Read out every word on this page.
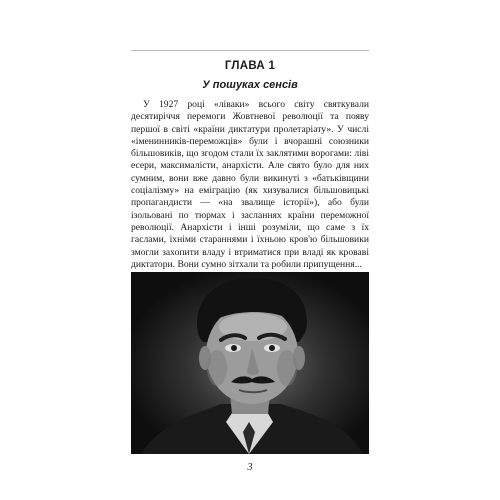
ГЛАВА 1
У пошуках сенсів

У 1927 році «ліваки» всього світу святкували десятиріччя перемоги Жовтневої революції та появу першої в світі «країни диктатури пролетаріату». У числі «іменинників-переможців» були і вчорашні союзники більшовиків, що згодом стали їх заклятими ворогами: ліві есери, максималісти, анархісти. Але свято було для них сумним, вони вже давно були викинуті з «батьківщини соціалізму» на еміграцію (як хизувалися більшовицькі пропагандисти — «на звалище історії»), або були ізольовані по тюрмах і засланнях країни переможної революції. Анархісти і інші розуміли, що саме з їх гаслами, їхніми стараннями і їхньою кров'ю більшовики змогли захопити владу і втриматися при владі як кровавi диктатори. Вони сумно зітхали та робили припущення...

3
